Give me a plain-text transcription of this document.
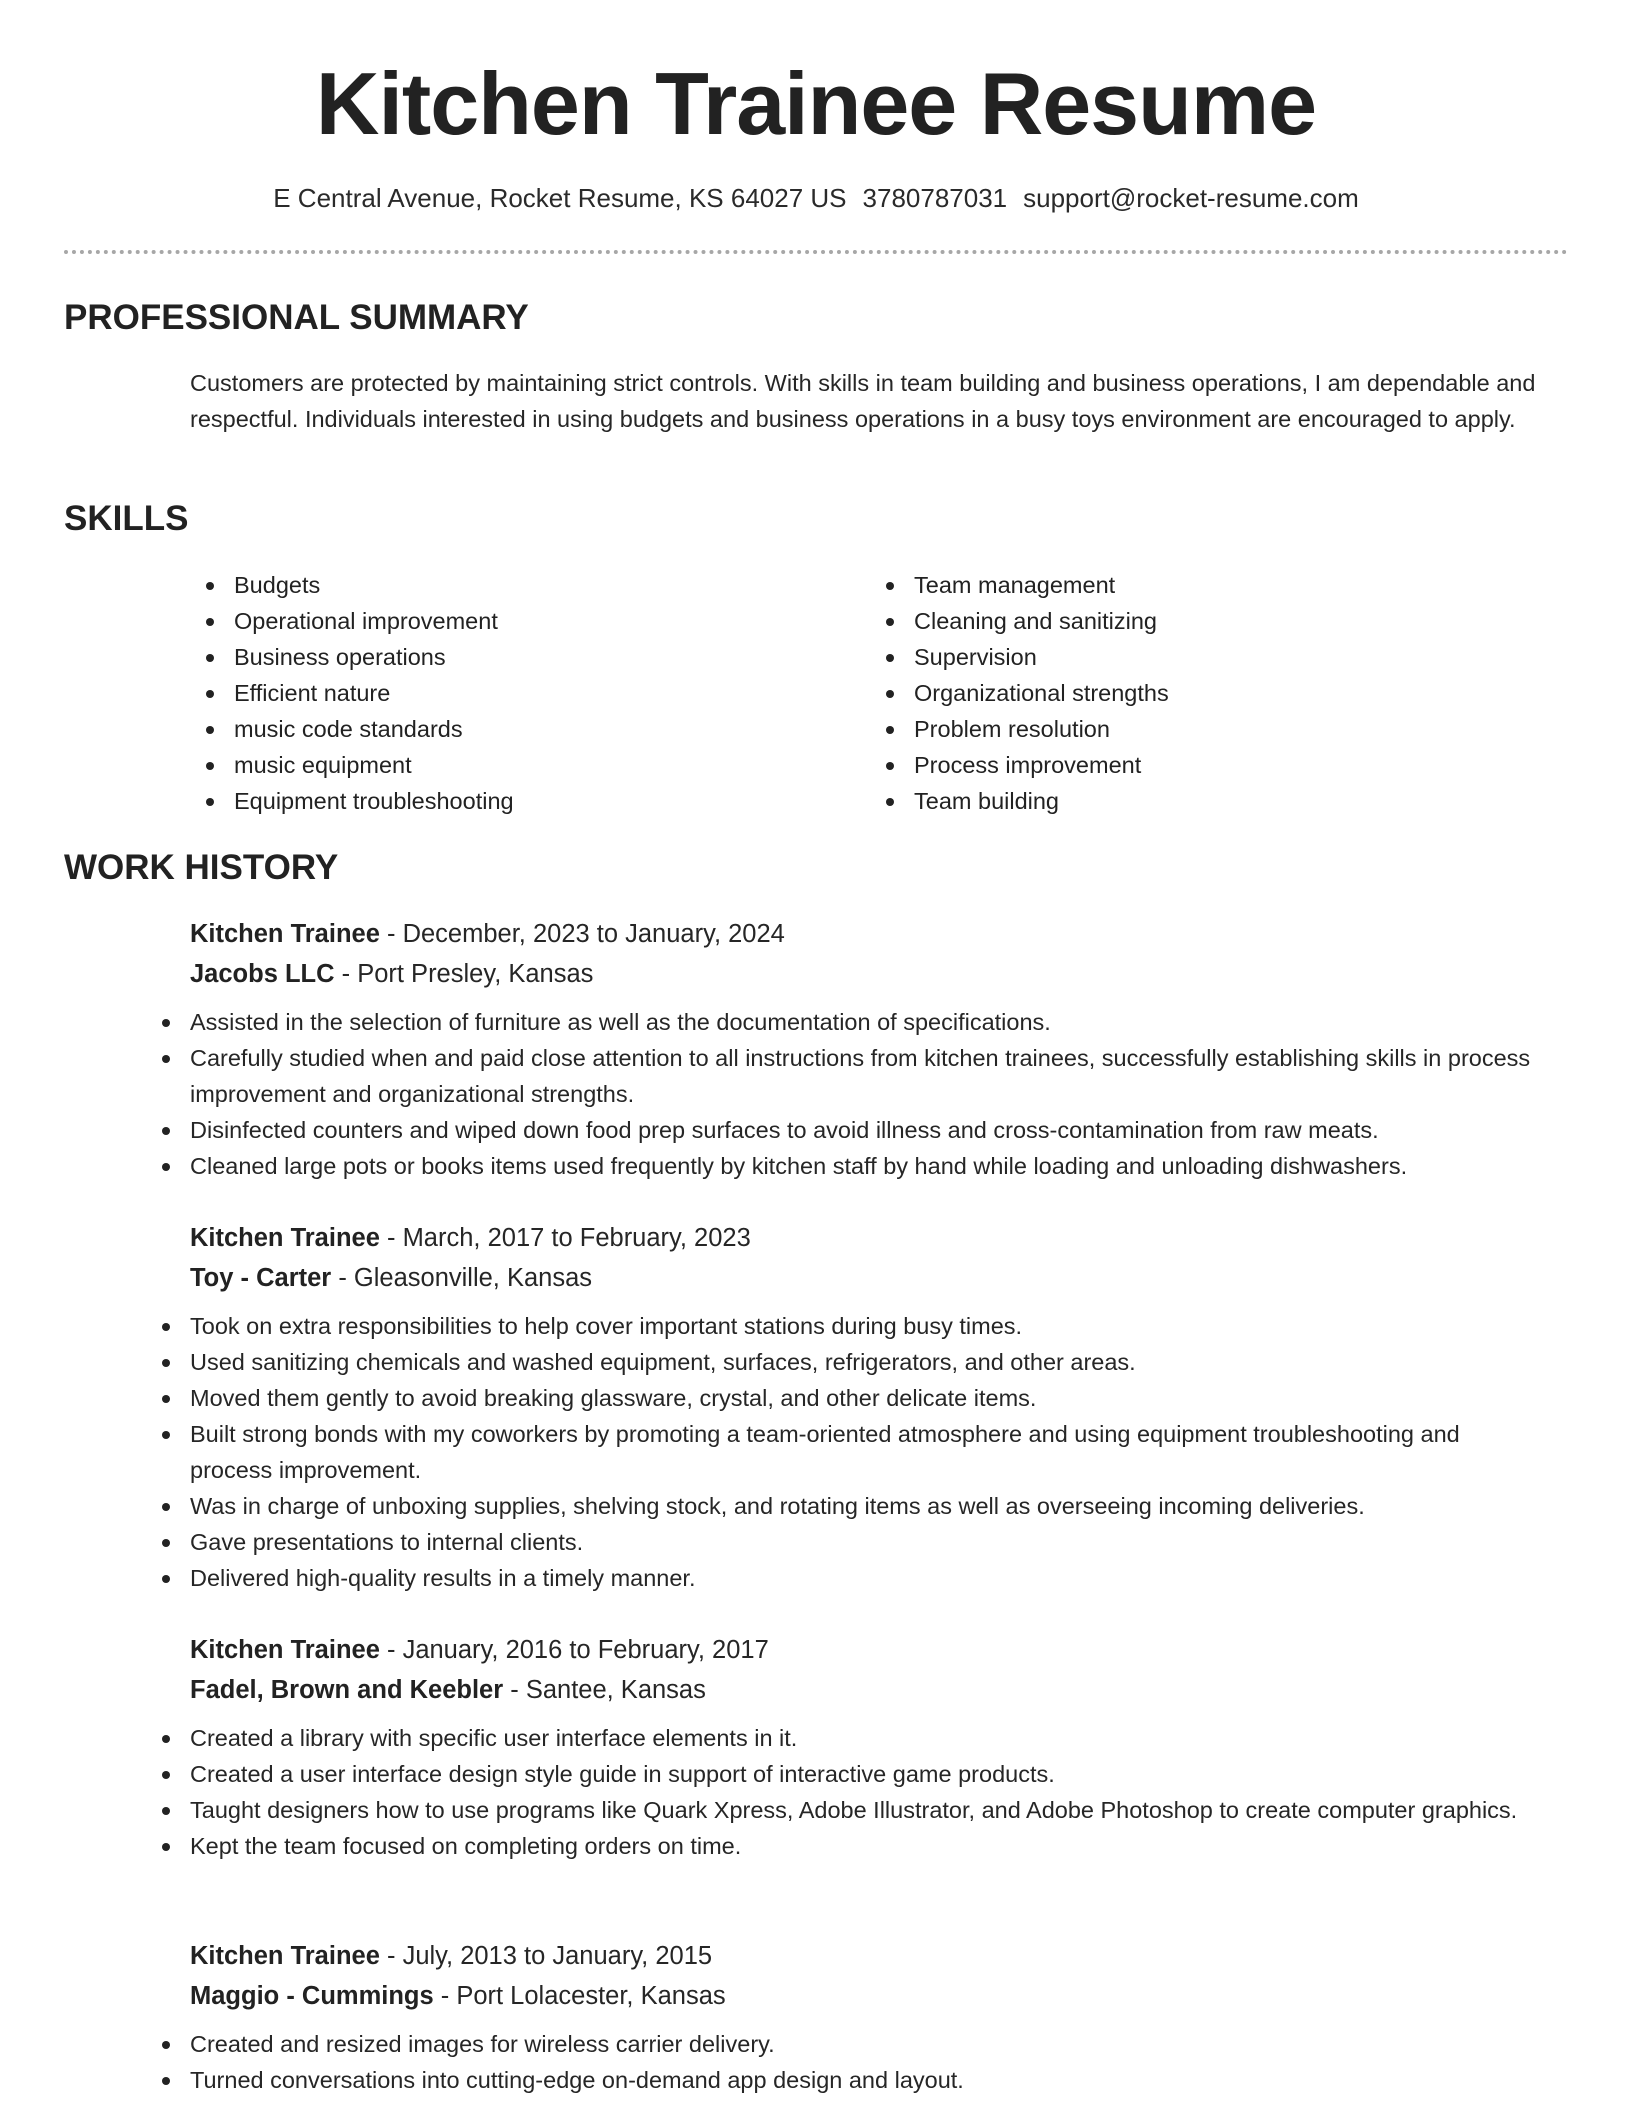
Kitchen Trainee Resume
E Central Avenue, Rocket Resume, KS 64027 US 3780787031 support@rocket-resume.com
PROFESSIONAL SUMMARY

Customers are protected by maintaining strict controls. With skills in team building and business operations, I am dependable and respectful. Individuals interested in using budgets and business operations in a busy toys environment are encouraged to apply.

SKILLS
Budgets
Operational improvement
Business operations
Efficient nature
music code standards
music equipment
Equipment troubleshooting
Team management
Cleaning and sanitizing
Supervision
Organizational strengths
Problem resolution
Process improvement
Team building
WORK HISTORY
Kitchen Trainee - December, 2023 to January, 2024
Jacobs LLC - Port Presley, Kansas
Assisted in the selection of furniture as well as the documentation of specifications.
Carefully studied when and paid close attention to all instructions from kitchen trainees, successfully establishing skills in process improvement and organizational strengths.
Disinfected counters and wiped down food prep surfaces to avoid illness and cross-contamination from raw meats.
Cleaned large pots or books items used frequently by kitchen staff by hand while loading and unloading dishwashers.
Kitchen Trainee - March, 2017 to February, 2023
Toy - Carter - Gleasonville, Kansas
Took on extra responsibilities to help cover important stations during busy times.
Used sanitizing chemicals and washed equipment, surfaces, refrigerators, and other areas.
Moved them gently to avoid breaking glassware, crystal, and other delicate items.
Built strong bonds with my coworkers by promoting a team-oriented atmosphere and using equipment troubleshooting and process improvement.
Was in charge of unboxing supplies, shelving stock, and rotating items as well as overseeing incoming deliveries.
Gave presentations to internal clients.
Delivered high-quality results in a timely manner.
Kitchen Trainee - January, 2016 to February, 2017
Fadel, Brown and Keebler - Santee, Kansas
Created a library with specific user interface elements in it.
Created a user interface design style guide in support of interactive game products.
Taught designers how to use programs like Quark Xpress, Adobe Illustrator, and Adobe Photoshop to create computer graphics.
Kept the team focused on completing orders on time.
Kitchen Trainee - July, 2013 to January, 2015
Maggio - Cummings - Port Lolacester, Kansas
Created and resized images for wireless carrier delivery.
Turned conversations into cutting-edge on-demand app design and layout.
